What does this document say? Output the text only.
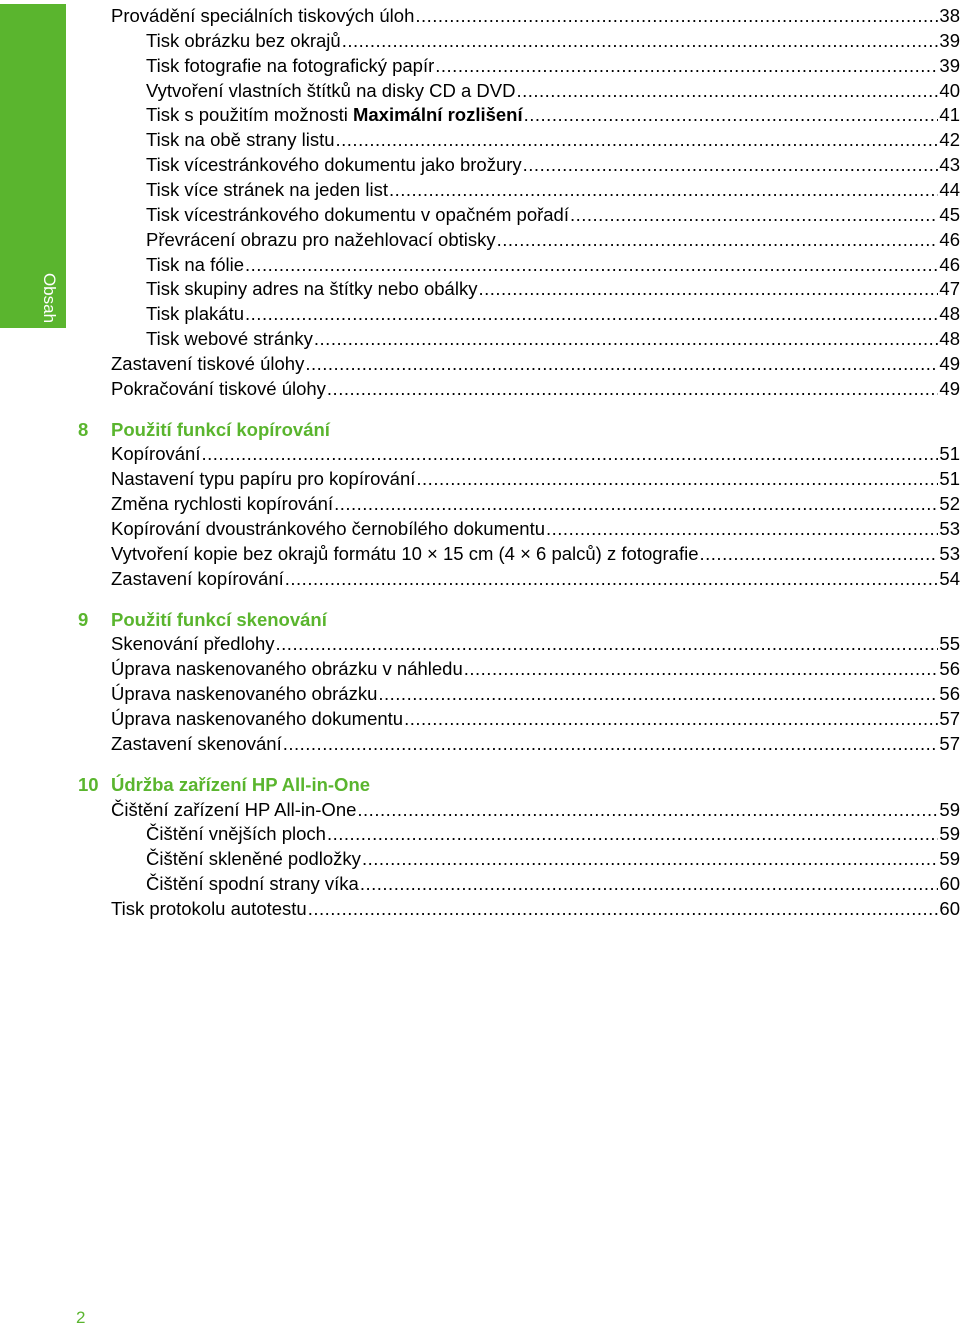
Obsah
Provádění speciálních tiskových úloh .....	38
Tisk obrázku bez okrajů .....	39
Tisk fotografie na fotografický papír .....	39
Vytvoření vlastních štítků na disky CD a DVD .....	40
Tisk s použitím možnosti Maximální rozlišení .....	41
Tisk na obě strany listu .....	42
Tisk vícestránkového dokumentu jako brožury .....	43
Tisk více stránek na jeden list .....	44
Tisk vícestránkového dokumentu v opačném pořadí .....	45
Převrácení obrazu pro nažehlovací obtisky .....	46
Tisk na fólie .....	46
Tisk skupiny adres na štítky nebo obálky .....	47
Tisk plakátu .....	48
Tisk webové stránky .....	48
Zastavení tiskové úlohy .....	49
Pokračování tiskové úlohy .....	49
8	Použití funkcí kopírování
Kopírování .....	51
Nastavení typu papíru pro kopírování .....	51
Změna rychlosti kopírování .....	52
Kopírování dvoustránkového černobílého dokumentu .....	53
Vytvoření kopie bez okrajů formátu 10 × 15 cm (4 × 6 palců) z fotografie .....	53
Zastavení kopírování .....	54
9	Použití funkcí skenování
Skenování předlohy .....	55
Úprava naskenovaného obrázku v náhledu .....	56
Úprava naskenovaného obrázku .....	56
Úprava naskenovaného dokumentu .....	57
Zastavení skenování .....	57
10 Údržba zařízení HP All-in-One
Čištění zařízení HP All-in-One .....	59
Čištění vnějších ploch .....	59
Čištění skleněné podložky .....	59
Čištění spodní strany víka .....	60
Tisk protokolu autotestu .....	60
2
